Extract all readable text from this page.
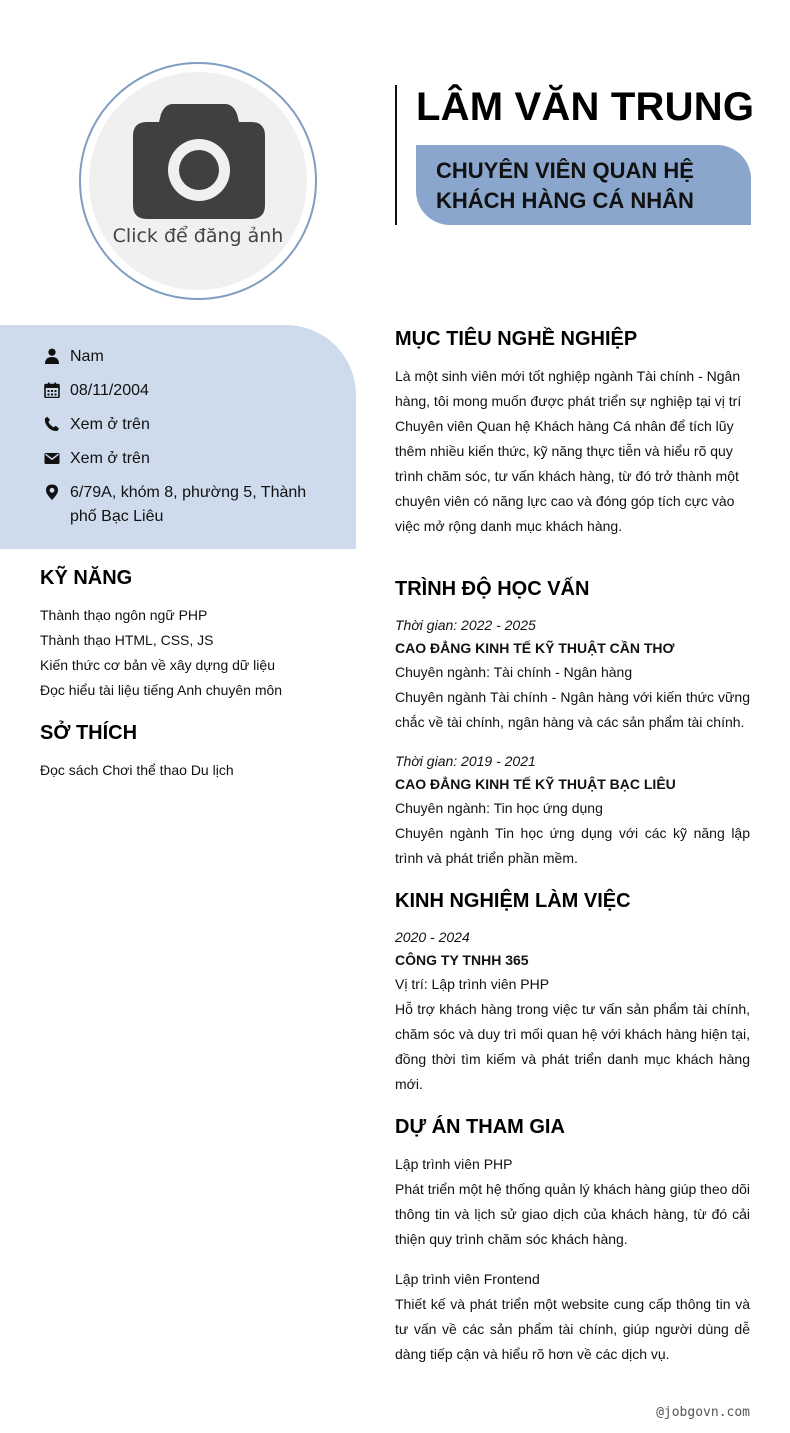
Click để đăng ảnh
LÂM VĂN TRUNG
CHUYÊN VIÊN QUAN HỆ KHÁCH HÀNG CÁ NHÂN
Nam
08/11/2004
Xem ở trên
Xem ở trên
6/79A, khóm 8, phường 5, Thành phố Bạc Liêu
KỸ NĂNG
Thành thạo ngôn ngữ PHP
Thành thạo HTML, CSS, JS
Kiến thức cơ bản về xây dựng dữ liệu
Đọc hiểu tài liệu tiếng Anh chuyên môn
SỞ THÍCH
Đọc sách Chơi thể thao Du lịch
MỤC TIÊU NGHỀ NGHIỆP
Là một sinh viên mới tốt nghiệp ngành Tài chính - Ngân hàng, tôi mong muốn được phát triển sự nghiệp tại vị trí Chuyên viên Quan hệ Khách hàng Cá nhân để tích lũy thêm nhiều kiến thức, kỹ năng thực tiễn và hiểu rõ quy trình chăm sóc, tư vấn khách hàng, từ đó trở thành một chuyên viên có năng lực cao và đóng góp tích cực vào việc mở rộng danh mục khách hàng.
TRÌNH ĐỘ HỌC VẤN
Thời gian: 2022 - 2025
CAO ĐẲNG KINH TẾ KỸ THUẬT CẦN THƠ
Chuyên ngành: Tài chính - Ngân hàng
Chuyên ngành Tài chính - Ngân hàng với kiến thức vững chắc về tài chính, ngân hàng và các sản phẩm tài chính.
Thời gian: 2019 - 2021
CAO ĐẲNG KINH TẾ KỸ THUẬT BẠC LIÊU
Chuyên ngành: Tin học ứng dụng
Chuyên ngành Tin học ứng dụng với các kỹ năng lập trình và phát triển phần mềm.
KINH NGHIỆM LÀM VIỆC
2020 - 2024
CÔNG TY TNHH 365
Vị trí: Lập trình viên PHP
Hỗ trợ khách hàng trong việc tư vấn sản phẩm tài chính, chăm sóc và duy trì mối quan hệ với khách hàng hiện tại, đồng thời tìm kiếm và phát triển danh mục khách hàng mới.
DỰ ÁN THAM GIA
Lập trình viên PHP
Phát triển một hệ thống quản lý khách hàng giúp theo dõi thông tin và lịch sử giao dịch của khách hàng, từ đó cải thiện quy trình chăm sóc khách hàng.
Lập trình viên Frontend
Thiết kế và phát triển một website cung cấp thông tin và tư vấn về các sản phẩm tài chính, giúp người dùng dễ dàng tiếp cận và hiểu rõ hơn về các dịch vụ.
@jobgovn.com
